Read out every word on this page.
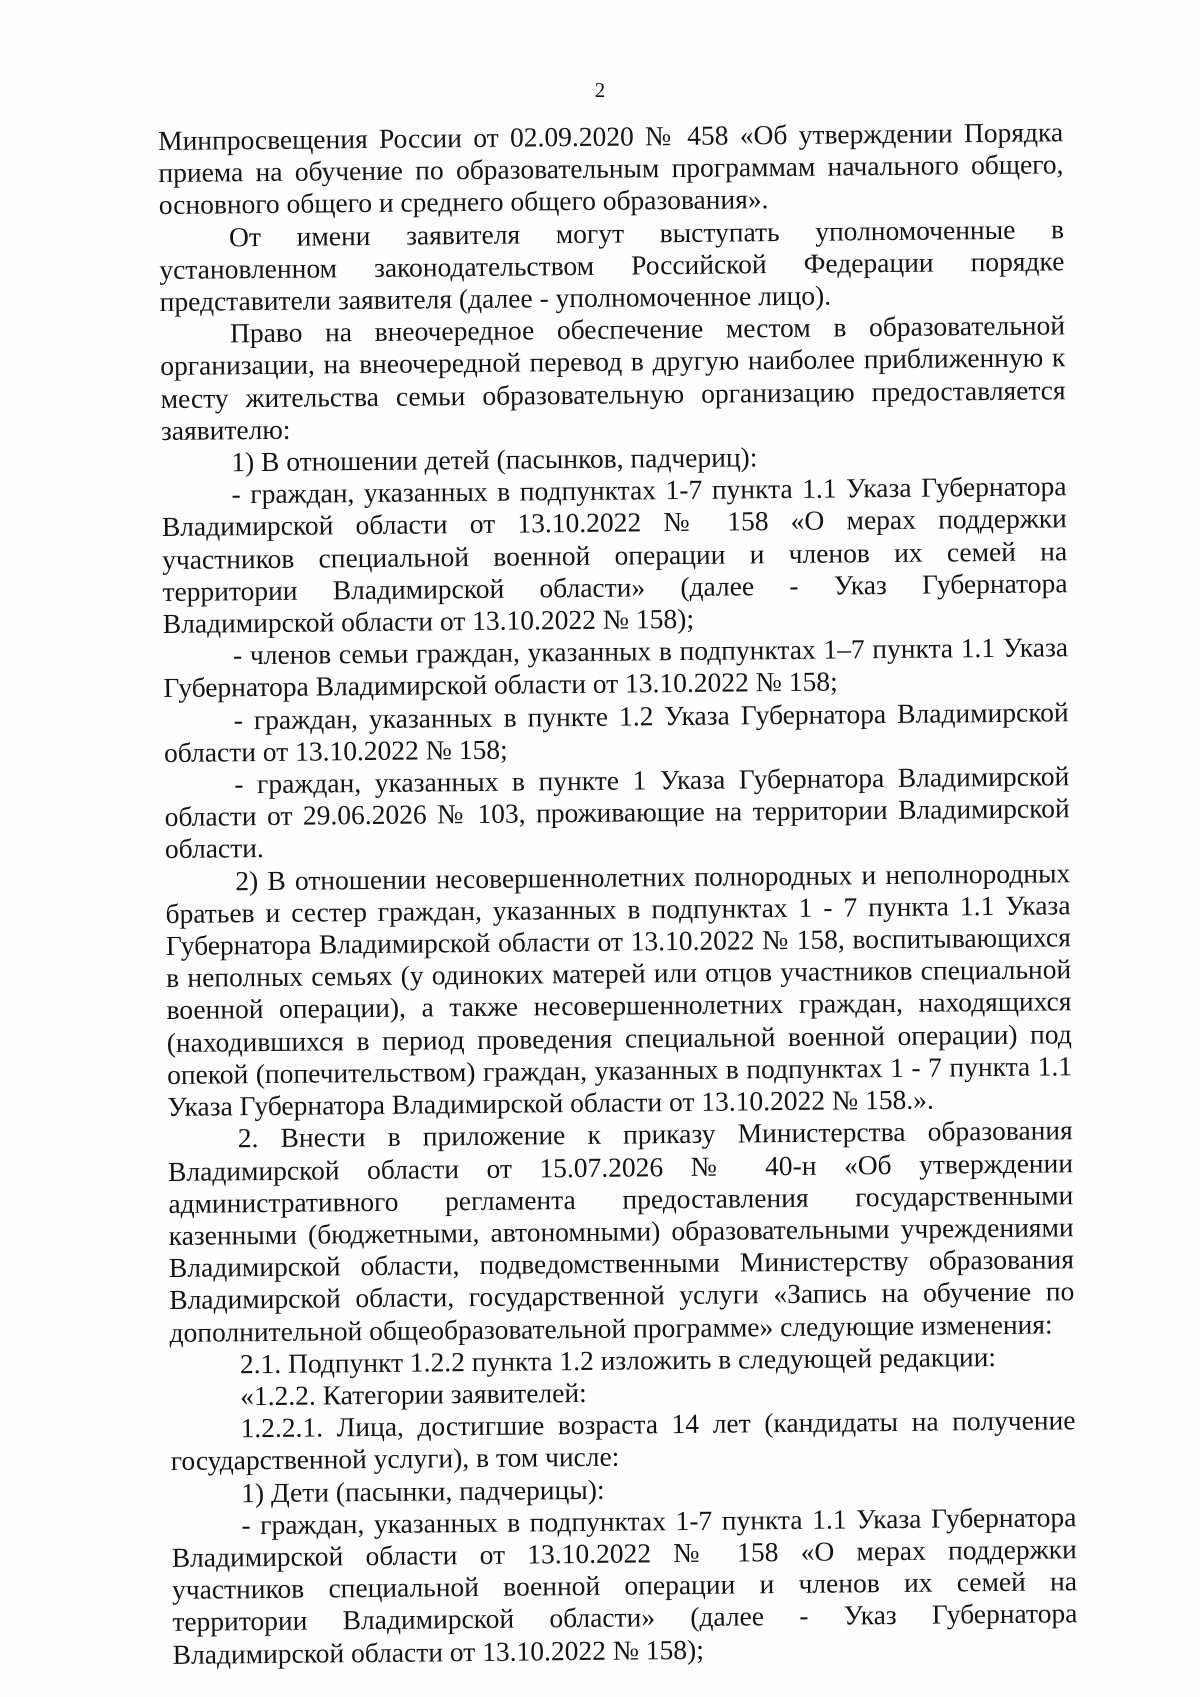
2

Минпросвещения России от 02.09.2020 № 458 «Об утверждении Порядка приема на обучение по образовательным программам начального общего, основного общего и среднего общего образования».

От имени заявителя могут выступать уполномоченные в установленном законодательством Российской Федерации порядке представители заявителя (далее - уполномоченное лицо).

Право на внеочередное обеспечение местом в образовательной организации, на внеочередной перевод в другую наиболее приближенную к месту жительства семьи образовательную организацию предоставляется заявителю:

1) В отношении детей (пасынков, падчериц):

- граждан, указанных в подпунктах 1-7 пункта 1.1 Указа Губернатора Владимирской области от 13.10.2022 № 158 «О мерах поддержки участников специальной военной операции и членов их семей на территории Владимирской области» (далее - Указ Губернатора Владимирской области от 13.10.2022 № 158);

- членов семьи граждан, указанных в подпунктах 1–7 пункта 1.1 Указа Губернатора Владимирской области от 13.10.2022 № 158;

- граждан, указанных в пункте 1.2 Указа Губернатора Владимирской области от 13.10.2022 № 158;

- граждан, указанных в пункте 1 Указа Губернатора Владимирской области от 29.06.2026 № 103, проживающие на территории Владимирской области.

2) В отношении несовершеннолетних полнородных и неполнородных братьев и сестер граждан, указанных в подпунктах 1 - 7 пункта 1.1 Указа Губернатора Владимирской области от 13.10.2022 № 158, воспитывающихся в неполных семьях (у одиноких матерей или отцов участников специальной военной операции), а также несовершеннолетних граждан, находящихся (находившихся в период проведения специальной военной операции) под опекой (попечительством) граждан, указанных в подпунктах 1 - 7 пункта 1.1 Указа Губернатора Владимирской области от 13.10.2022 № 158.».

2. Внести в приложение к приказу Министерства образования Владимирской области от 15.07.2026 № 40-н «Об утверждении административного регламента предоставления государственными казенными (бюджетными, автономными) образовательными учреждениями Владимирской области, подведомственными Министерству образования Владимирской области, государственной услуги «Запись на обучение по дополнительной общеобразовательной программе» следующие изменения:

2.1. Подпункт 1.2.2 пункта 1.2 изложить в следующей редакции:

«1.2.2. Категории заявителей:

1.2.2.1. Лица, достигшие возраста 14 лет (кандидаты на получение государственной услуги), в том числе:

1) Дети (пасынки, падчерицы):

- граждан, указанных в подпунктах 1-7 пункта 1.1 Указа Губернатора Владимирской области от 13.10.2022 № 158 «О мерах поддержки участников специальной военной операции и членов их семей на территории Владимирской области» (далее - Указ Губернатора Владимирской области от 13.10.2022 № 158);
